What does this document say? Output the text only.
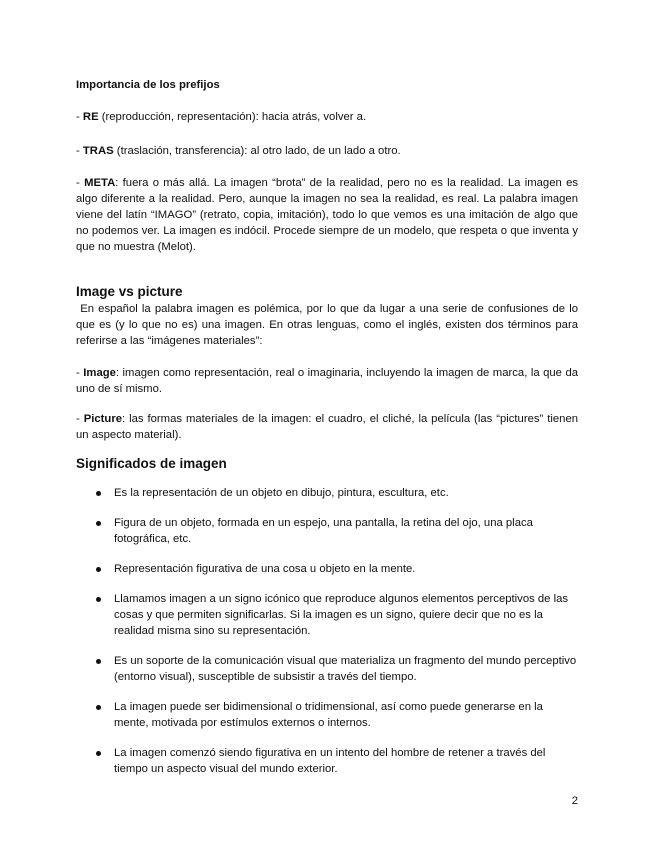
Importancia de los prefijos

- RE (reproducción, representación): hacia atrás, volver a.

- TRAS (traslación, transferencia): al otro lado, de un lado a otro.

- META: fuera o más allá. La imagen “brota” de la realidad, pero no es la realidad. La imagen es algo diferente a la realidad. Pero, aunque la imagen no sea la realidad, es real. La palabra imagen viene del latín “IMAGO” (retrato, copia, imitación), todo lo que vemos es una imitación de algo que no podemos ver. La imagen es indócil. Procede siempre de un modelo, que respeta o que inventa y que no muestra (Melot).

Image vs picture

En español la palabra imagen es polémica, por lo que da lugar a una serie de confusiones de lo que es (y lo que no es) una imagen. En otras lenguas, como el inglés, existen dos términos para referirse a las “imágenes materiales”:

- Image: imagen como representación, real o imaginaria, incluyendo la imagen de marca, la que da uno de sí mismo.

- Picture: las formas materiales de la imagen: el cuadro, el cliché, la película (las “pictures” tienen un aspecto material).

Significados de imagen
Es la representación de un objeto en dibujo, pintura, escultura, etc.
Figura de un objeto, formada en un espejo, una pantalla, la retina del ojo, una placa fotográfica, etc.
Representación figurativa de una cosa u objeto en la mente.
Llamamos imagen a un signo icónico que reproduce algunos elementos perceptivos de las cosas y que permiten significarlas. Si la imagen es un signo, quiere decir que no es la realidad misma sino su representación.
Es un soporte de la comunicación visual que materializa un fragmento del mundo perceptivo (entorno visual), susceptible de subsistir a través del tiempo.
La imagen puede ser bidimensional o tridimensional, así como puede generarse en la mente, motivada por estímulos externos o internos.
La imagen comenzó siendo figurativa en un intento del hombre de retener a través del tiempo un aspecto visual del mundo exterior.
2
